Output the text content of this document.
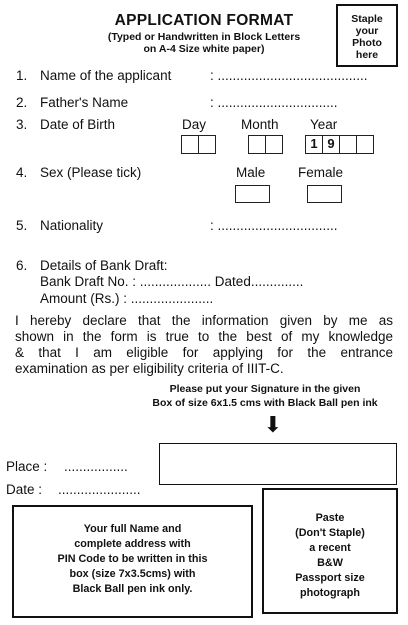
APPLICATION FORMAT
(Typed or Handwritten in Block Letters
on A-4 Size white paper)
Staple
your
Photo
here
1. Name of the applicant	: ........................................
2. Father's Name	: ................................
3. Date of Birth	Day	Month Year
1 9
4. Sex (Please tick)	Male Female
5. Nationality	: ................................
6. Details of Bank Draft:
Bank Draft No. : ................... Dated..............
Amount (Rs.) : ......................
I hereby declare that the information given by me as
shown in the form is true to the best of my knowledge
& that I am eligible for applying for the entrance
examination as per eligibility criteria of IIIT-C.
Please put your Signature in the given
Box of size 6x1.5 cms with Black Ball pen ink
⬇
Place : .................
Date : ......................
Your full Name and
complete address with
PIN Code to be written in this
box (size 7x3.5cms) with
Black Ball pen ink only.
Paste
(Don't Staple)
a recent
B&W
Passport size
photograph
